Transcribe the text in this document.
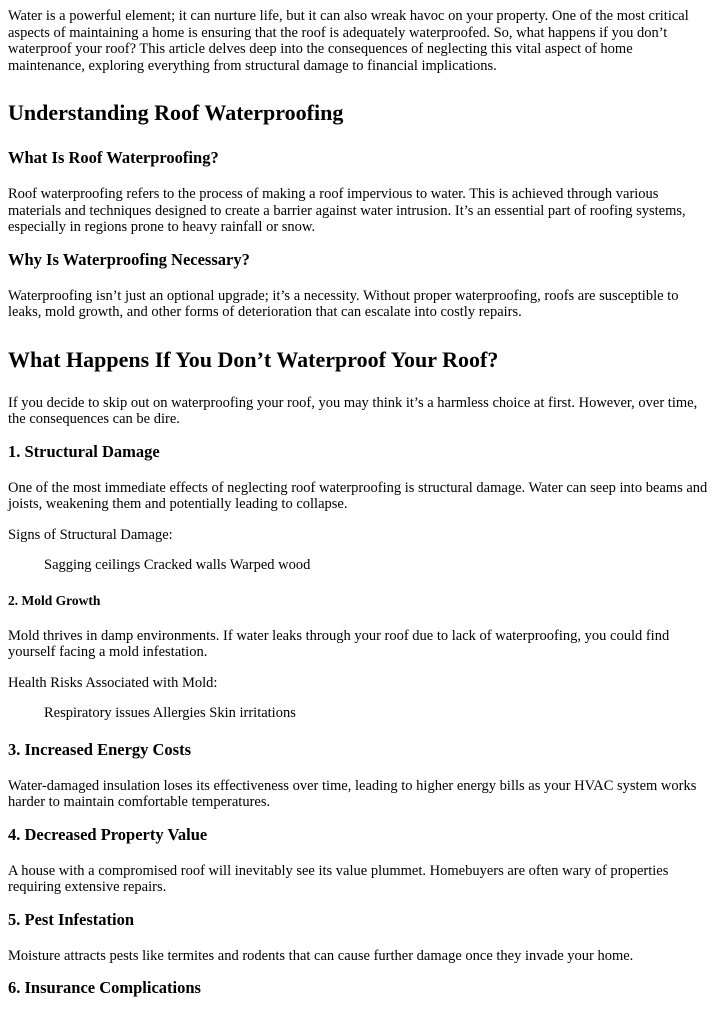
Water is a powerful element; it can nurture life, but it can also wreak havoc on your property. One of the most critical aspects of maintaining a home is ensuring that the roof is adequately waterproofed. So, what happens if you don’t waterproof your roof? This article delves deep into the consequences of neglecting this vital aspect of home maintenance, exploring everything from structural damage to financial implications.

Understanding Roof Waterproofing
What Is Roof Waterproofing?

Roof waterproofing refers to the process of making a roof impervious to water. This is achieved through various materials and techniques designed to create a barrier against water intrusion. It’s an essential part of roofing systems, especially in regions prone to heavy rainfall or snow.

Why Is Waterproofing Necessary?

Waterproofing isn’t just an optional upgrade; it’s a necessity. Without proper waterproofing, roofs are susceptible to leaks, mold growth, and other forms of deterioration that can escalate into costly repairs.

What Happens If You Don’t Waterproof Your Roof?

If you decide to skip out on waterproofing your roof, you may think it’s a harmless choice at first. However, over time, the consequences can be dire.

1. Structural Damage

One of the most immediate effects of neglecting roof waterproofing is structural damage. Water can seep into beams and joists, weakening them and potentially leading to collapse.

Signs of Structural Damage:

Sagging ceilings Cracked walls Warped wood
2. Mold Growth

Mold thrives in damp environments. If water leaks through your roof due to lack of waterproofing, you could find yourself facing a mold infestation.

Health Risks Associated with Mold:

Respiratory issues Allergies Skin irritations
3. Increased Energy Costs

Water-damaged insulation loses its effectiveness over time, leading to higher energy bills as your HVAC system works harder to maintain comfortable temperatures.

4. Decreased Property Value

A house with a compromised roof will inevitably see its value plummet. Homebuyers are often wary of properties requiring extensive repairs.

5. Pest Infestation

Moisture attracts pests like termites and rodents that can cause further damage once they invade your home.

6. Insurance Complications
